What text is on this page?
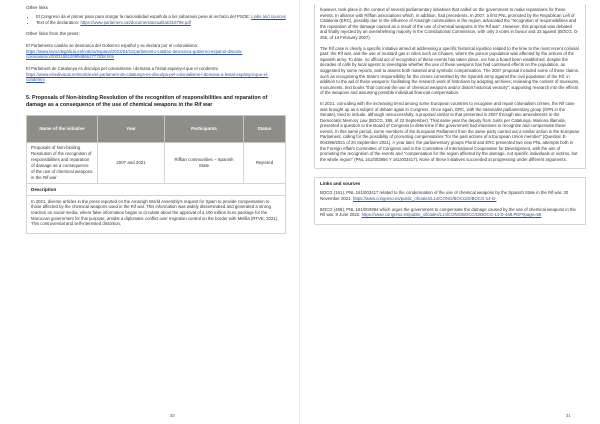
Other links

• El Congreso da el primer paso para otorgar la nacionalidad española a los saharauis pese al rechazo del PSOE: Links and sources
• Text of the declaration: https://www.parlament.cat/document/actualitat/318798.pdf

Other links from the press:

El Parlamento catalán se desmarca del Gobierno español y se declara por el colonialismo: https://www.lavozdegalicia.es/noticia/espana/2023/04/11/parlamento-catalan-desmarca-gobierno-espanol-discula-colonialismo/00031681209948662777838.htm

El Parlament de Catalunya es disculpa pel colonialisme i demana a l'estat espanyol que el condemni: https://www.elsedivacat.net/noticies/el-parlament-de-catalunya-es-disculpa-pel-colonialisme-i-demana-a-lestat-espanyol-que-el-condemni

5. Proposals of Non-binding Resolution of the recognition of responsibilities and reparation of damage as a consequence of the use of chemical weapons in the Rif war
Name of the initiative	Year	Participants	Status
Proposals of Non-binding Resolution of the recognition of responsibilities and reparation of damage as a consequence of the use of chemical weapons in the Rif war	2007 and 2021	Riffian communities – Spanish State	Rejected
Description

In 2021, diverse articles in the press reported on the Amazigh World Assembly's request for Spain to provide compensation to those affected by the chemical weapons used in the Rif war. This information was widely disseminated and generated a strong reaction on social media, where false information began to circulate about the approval of a 100 million Euro package for the Moroccan government for this purpose, amidst a diplomatic conflict over migration control on the border with Melilla (RTVE, 2021). This controversial and self-interested distortion,

30

however, took place in the context of several parliamentary initiatives that called on the government to make reparations for these events. In alliance with Riffian associations which, in addition, had precedents. In 2007, a first PNL promoted by the Republican Left of Catalonia (ERC), possibly due to the influence of Amazigh communities in the region, advocated the "recognition of responsibilities and the reparation of the damage caused as a result of the use of chemical weapons in the Rif war". However, this proposal was debated and finally rejected by an overwhelming majority in the Constitutional Commission, with only 3 votes in favour and 33 against (BOCG, D-255, of 14 February 2007).

The Rif case is clearly a specific initiative aimed at addressing a specific historical injustice related to the time to the most recent colonial past: the Rif war, and the use of mustard gas in cities such as Chauen, where the poison population was affected by the actions of the Spanish army. To date, no official act of recognition of these events has taken place, nor has a board been established, despite the decades of calls by local agents to investigate whether the use of these weapons has had continued effects on the population, as suggested by some reports, and to assess both material and symbolic compensation. The 2007 proposal included some of these claims, such as recognising the State's responsibility for the crimes committed by the Spanish army against the civil population of the Rif, in addition to the aid of these weapons; facilitating the research work of historians by adopting archives; reviewing the content of museums, monuments, text books "that conceal the use of chemical weapons and/or distort historical veracity"; supporting research into the effects of the weapons and assuming possible individual financial compensation.

In 2021, coinciding with the increasing trend among some European countries to recognise and repair colonialism crimes, the Rif case was brought up as a subject of debate again in Congress. Once again, ERC, with the nationalist parliamentary group (GPN in the Senate), tried to include, although unsuccessfully, a proposal similar to that presented in 2007 through two amendments to the Democratic Memory Law (BOCG, 386, of 22 September). That same year the deputy from Junts per Catalunya, Mariona Illamola, presented a question to the Board of Congress to determine if the government had intentions to recognise and compensate these events. In this same period, some members of the European Parliament from the same party carried out a similar action in the European Parliament, calling for the possibility of promoting compensations "for the past actions of a European Union member" (Question E-004399/2021 of 20 September 2021). A year later, the parliamentary groups Plural and ERC presented two new PNL attempts both in the Foreign Affairs Committee of Congress and in the Committee of International Cooperation for Development, with the aim of promoting the recognition of the events and "compensation for the region affected by the damage, not specific individuals or victims, but the whole region" (PNL 161/003994 Y 161/003417). None of these initiatives succeeded at progressing under different arguments.

Links and sources

BOCG (161), PNL 161/003417 related to the condemnation of the use of chemical weapons by the Spanish State in the Rif war, 30 November 2021. https://www.congreso.es/public_oficiales/L14/CONG/BOCG/D/BOCG-14-D-

BOCG (468), PNL 161/003994 which urges the government to compensate the damage caused by the use of chemical weapons in the Rif war, 9 June 2022. https://www.congreso.es/public_oficiales/L14/CONG/BOCG/D/BOCG-14-D-468.PDF#page=58

31
